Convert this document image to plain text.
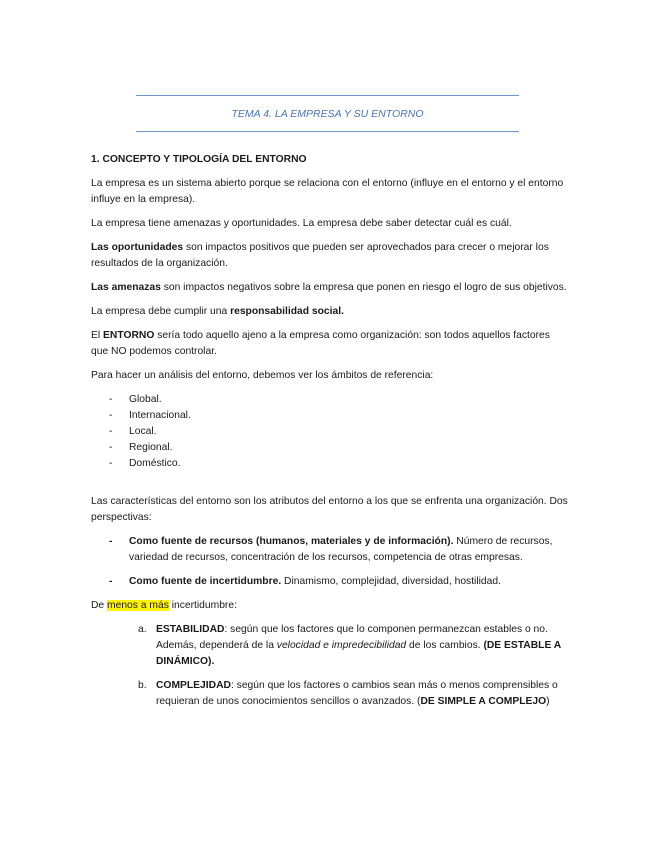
TEMA 4. LA EMPRESA Y SU ENTORNO
1. CONCEPTO Y TIPOLOGÍA DEL ENTORNO

La empresa es un sistema abierto porque se relaciona con el entorno (influye en el entorno y el entorno influye en la empresa).

La empresa tiene amenazas y oportunidades. La empresa debe saber detectar cuál es cuál.

Las oportunidades son impactos positivos que pueden ser aprovechados para crecer o mejorar los resultados de la organización.

Las amenazas son impactos negativos sobre la empresa que ponen en riesgo el logro de sus objetivos.

La empresa debe cumplir una responsabilidad social.

El ENTORNO sería todo aquello ajeno a la empresa como organización: son todos aquellos factores que NO podemos controlar.

Para hacer un análisis del entorno, debemos ver los ámbitos de referencia:

- Global.
- Internacional.
- Local.
- Regional.
- Doméstico.

Las características del entorno son los atributos del entorno a los que se enfrenta una organización. Dos perspectivas:

- Como fuente de recursos (humanos, materiales y de información). Número de recursos, variedad de recursos, concentración de los recursos, competencia de otras empresas.
- Como fuente de incertidumbre. Dinamismo, complejidad, diversidad, hostilidad.

De menos a más incertidumbre:

a. ESTABILIDAD: según que los factores que lo componen permanezcan estables o no. Además, dependerá de la velocidad e impredecibilidad de los cambios. (DE ESTABLE A DINÁMICO).
b. COMPLEJIDAD: según que los factores o cambios sean más o menos comprensibles o requieran de unos conocimientos sencillos o avanzados. (DE SIMPLE A COMPLEJO)
